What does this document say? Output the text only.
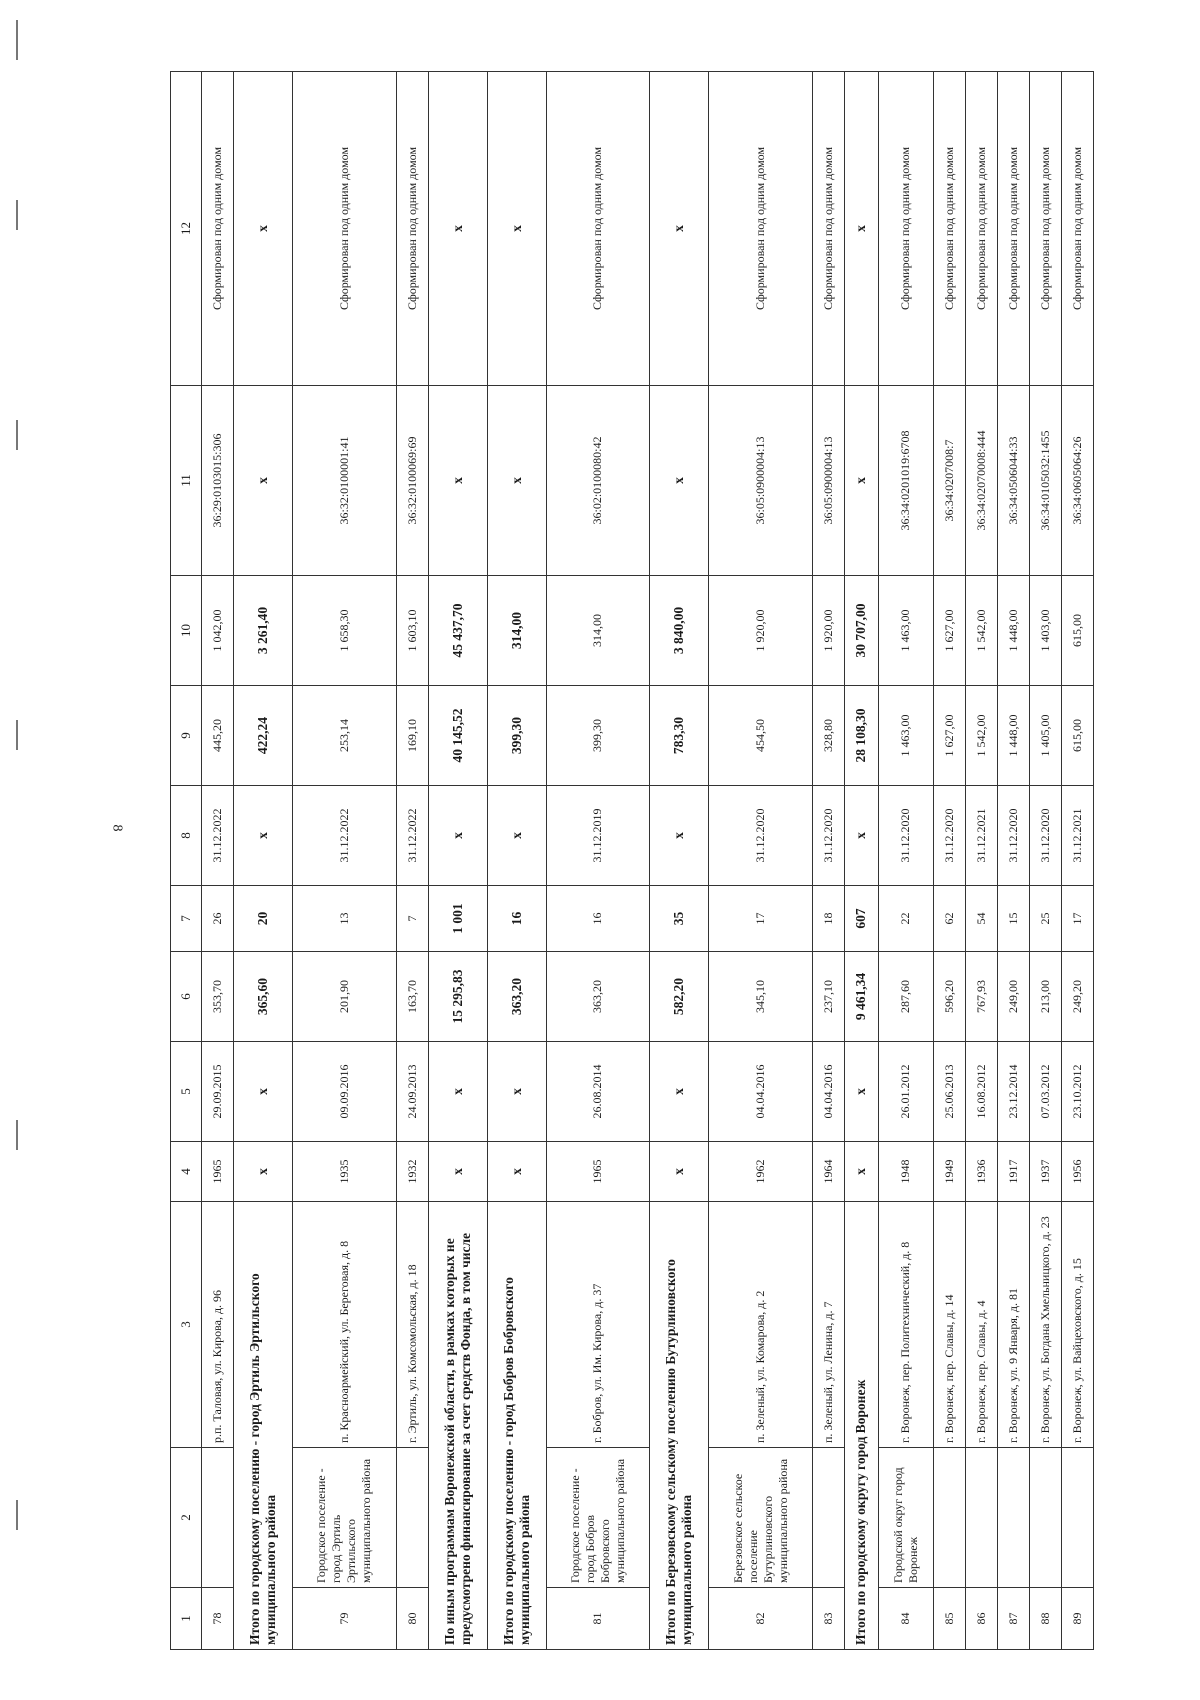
8
1	2	3	4	5	6	7	8	9	10	11	12
78		р.п. Таловая, ул. Кирова, д. 96	1965	29.09.2015	353,70	26	31.12.2022	445,20	1 042,00	36:29:0103015:306	Сформирован под одним домом
Итого по городскому поселению - город Эртиль Эртильского муниципального района			х	х	365,60	20	х	422,24	3 261,40	х	х
79	Городское поселение - город Эртиль Эртильского муниципального района	п. Красноармейский, ул. Береговая, д. 8	1935	09.09.2016	201,90	13	31.12.2022	253,14	1 658,30	36:32:0100001:41	Сформирован под одним домом
80		г. Эртиль, ул. Комсомольская, д. 18	1932	24.09.2013	163,70	7	31.12.2022	169,10	1 603,10	36:32:0100069:69	Сформирован под одним домом
По иным программам Воронежской области, в рамках которых не предусмотрено финансирование за счет средств Фонда, в том числе			х	х	15 295,83	1 001	х	40 145,52	45 437,70	х	х
Итого по городскому поселению - город Бобров Бобровского муниципального района			х	х	363,20	16	х	399,30	314,00	х	х
81	Городское поселение - город Бобров Бобровского муниципального района	г. Бобров, ул. Им. Кирова, д. 37	1965	26.08.2014	363,20	16	31.12.2019	399,30	314,00	36:02:0100080:42	Сформирован под одним домом
Итого по Березовскому сельскому поселению Бутурлиновского муниципального района			х	х	582,20	35	х	783,30	3 840,00	х	х
82	Березовское сельское поселение Бутурлиновского муниципального района	п. Зеленый, ул. Комарова, д. 2	1962	04.04.2016	345,10	17	31.12.2020	454,50	1 920,00	36:05:0900004:13	Сформирован под одним домом
83		п. Зеленый, ул. Ленина, д. 7	1964	04.04.2016	237,10	18	31.12.2020	328,80	1 920,00	36:05:0900004:13	Сформирован под одним домом
Итого по городскому округу город Воронеж			х	х	9 461,34	607	х	28 108,30	30 707,00	х	х
84	Городской округ город Воронеж	г. Воронеж, пер. Политехнический, д. 8	1948	26.01.2012	287,60	22	31.12.2020	1 463,00	1 463,00	36:34:0201019:6708	Сформирован под одним домом
85		г. Воронеж, пер. Славы, д. 14	1949	25.06.2013	596,20	62	31.12.2020	1 627,00	1 627,00	36:34:0207008:7	Сформирован под одним домом
86		г. Воронеж, пер. Славы, д. 4	1936	16.08.2012	767,93	54	31.12.2021	1 542,00	1 542,00	36:34:02070008:444	Сформирован под одним домом
87		г. Воронеж, ул. 9 Января, д. 81	1917	23.12.2014	249,00	15	31.12.2020	1 448,00	1 448,00	36:34:0506044:33	Сформирован под одним домом
88		г. Воронеж, ул. Богдана Хмельницкого, д. 23	1937	07.03.2012	213,00	25	31.12.2020	1 405,00	1 403,00	36:34:0105032:1455	Сформирован под одним домом
89		г. Воронеж, ул. Вайцеховского, д. 15	1956	23.10.2012	249,20	17	31.12.2021	615,00	615,00	36:34:0605064:26	Сформирован под одним домом
